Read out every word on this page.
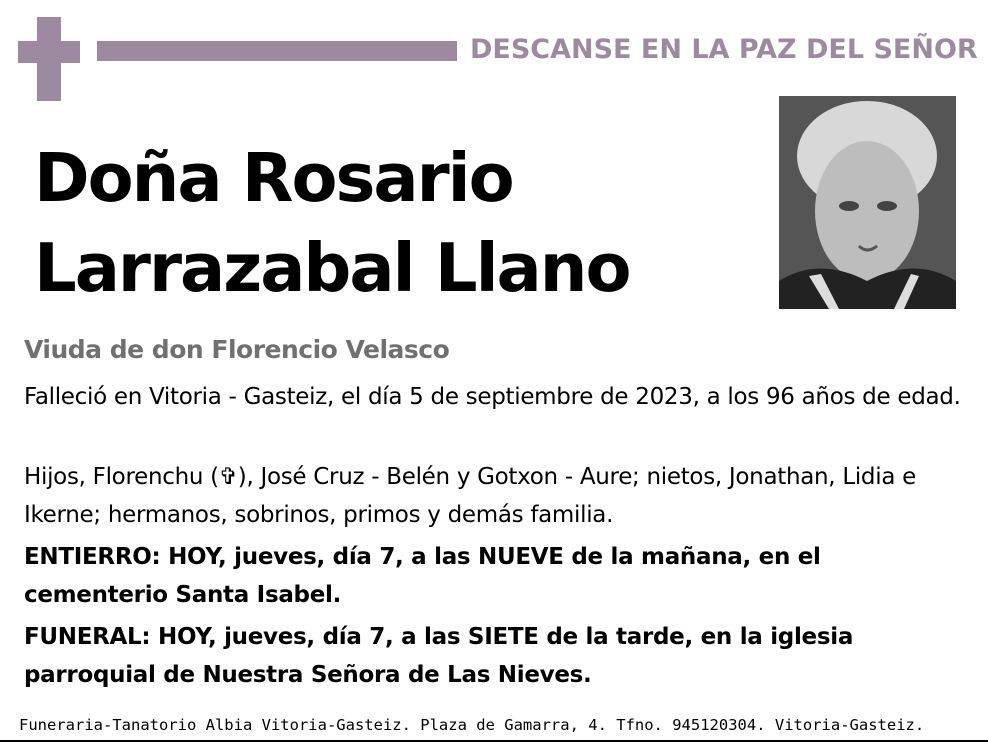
DESCANSE EN LA PAZ DEL SEÑOR
Doña Rosario Larrazabal Llano
Viuda de don Florencio Velasco
Falleció en Vitoria - Gasteiz, el día 5 de septiembre de 2023, a los 96 años de edad.
Hijos, Florenchu (✞), José Cruz - Belén y Gotxon - Aure; nietos, Jonathan, Lidia e Ikerne; hermanos, sobrinos, primos y demás familia.
ENTIERRO: HOY, jueves, día 7, a las NUEVE de la mañana, en el cementerio Santa Isabel.
FUNERAL: HOY, jueves, día 7, a las SIETE de la tarde, en la iglesia parroquial de Nuestra Señora de Las Nieves.
Funeraria-Tanatorio Albia Vitoria-Gasteiz. Plaza de Gamarra, 4. Tfno. 945120304. Vitoria-Gasteiz.
